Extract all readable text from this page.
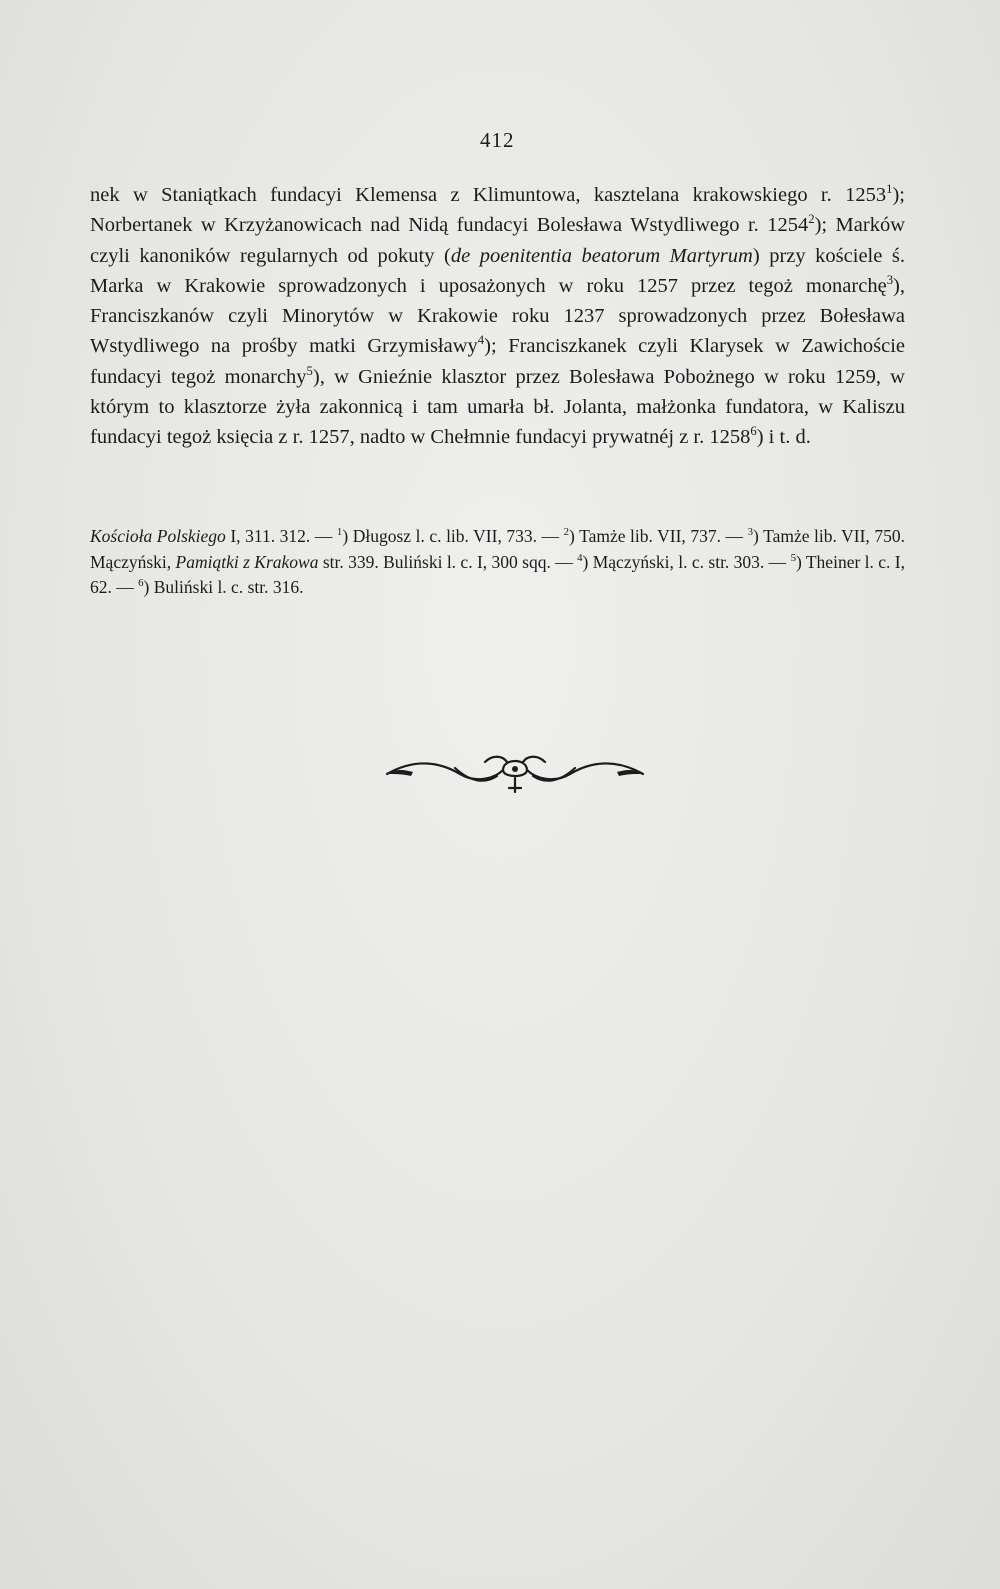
412

nek w Staniątkach fundacyi Klemensa z Klimuntowa, kasztelana krakowskiego r. 1253$^1$); Norbertanek w Krzyżanowicach nad Nidą fundacyi Bolesława Wstydliwego r. 1254$^2$); Marków czyli kanoników regularnych od pokuty (de poenitentia beatorum Martyrum) przy kościele ś. Marka w Krakowie sprowadzonych i uposażonych w roku 1257 przez tegoż monarchę$^3$), Franciszkanów czyli Minorytów w Krakowie roku 1237 sprowadzonych przez Bołesława Wstydliwego na prośby matki Grzymisławy$^4$); Franciszkanek czyli Klarysek w Zawichoście fundacyi tegoż monarchy$^5$), w Gnieźnie klasztor przez Bolesława Pobożnego w roku 1259, w którym to klasztorze żyła zakonnicą i tam umarła bł. Jolanta, małżonka fundatora, w Kaliszu fundacyi tegoż księcia z r. 1257, nadto w Chełmnie fundacyi prywatnéj z r. 1258$^6$) i t. d.

Kościoła Polskiego I, 311. 312. — $^1$) Długosz l. c. lib. VII, 733. — $^2$) Tamże lib. VII, 737. — $^3$) Tamże lib. VII, 750. Mączyński, Pamiątki z Krakowa str. 339. Buliński l. c. I, 300 sqq. — $^4$) Mączyński, l. c. str. 303. — $^5$) Theiner l. c. I, 62. — $^6$) Buliński l. c. str. 316.
